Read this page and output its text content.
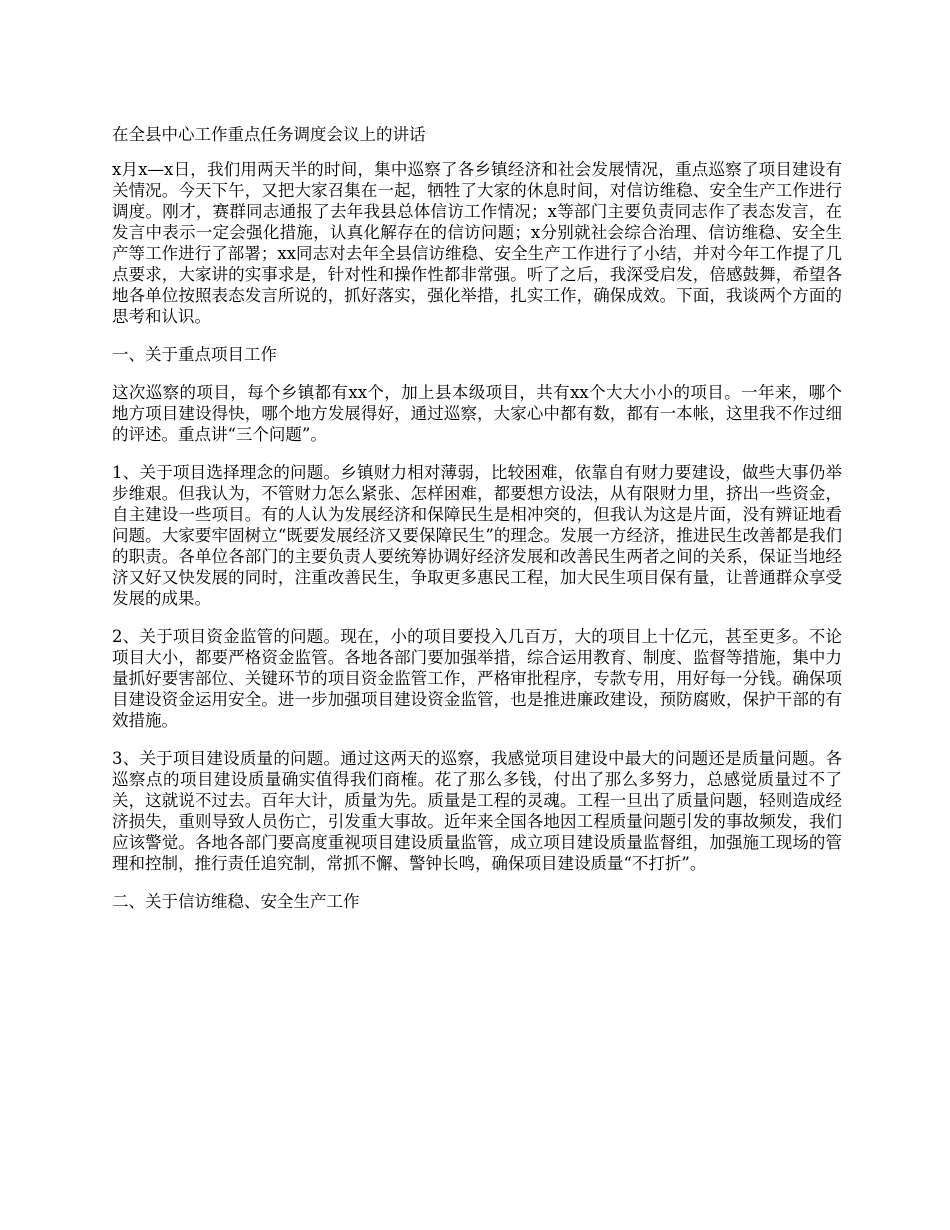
在全县中心工作重点任务调度会议上的讲话

x月x—x日，我们用两天半的时间，集中巡察了各乡镇经济和社会发展情况，重点巡察了项目建设有关情况。今天下午，又把大家召集在一起，牺牲了大家的休息时间，对信访维稳、安全生产工作进行调度。刚才，赛群同志通报了去年我县总体信访工作情况；x等部门主要负责同志作了表态发言，在发言中表示一定会强化措施，认真化解存在的信访问题；x分别就社会综合治理、信访维稳、安全生产等工作进行了部署；xx同志对去年全县信访维稳、安全生产工作进行了小结，并对今年工作提了几点要求，大家讲的实事求是，针对性和操作性都非常强。听了之后，我深受启发，倍感鼓舞，希望各地各单位按照表态发言所说的，抓好落实，强化举措，扎实工作，确保成效。下面，我谈两个方面的思考和认识。

一、关于重点项目工作

这次巡察的项目，每个乡镇都有xx个，加上县本级项目，共有xx个大大小小的项目。一年来，哪个地方项目建设得快，哪个地方发展得好，通过巡察，大家心中都有数，都有一本帐，这里我不作过细的评述。重点讲“三个问题”。

1、关于项目选择理念的问题。乡镇财力相对薄弱，比较困难，依靠自有财力要建设，做些大事仍举步维艰。但我认为，不管财力怎么紧张、怎样困难，都要想方设法，从有限财力里，挤出一些资金，自主建设一些项目。有的人认为发展经济和保障民生是相冲突的，但我认为这是片面，没有辨证地看问题。大家要牢固树立“既要发展经济又要保障民生”的理念。发展一方经济，推进民生改善都是我们的职责。各单位各部门的主要负责人要统筹协调好经济发展和改善民生两者之间的关系，保证当地经济又好又快发展的同时，注重改善民生，争取更多惠民工程，加大民生项目保有量，让普通群众享受发展的成果。

2、关于项目资金监管的问题。现在，小的项目要投入几百万，大的项目上十亿元，甚至更多。不论项目大小，都要严格资金监管。各地各部门要加强举措，综合运用教育、制度、监督等措施，集中力量抓好要害部位、关键环节的项目资金监管工作，严格审批程序，专款专用，用好每一分钱。确保项目建设资金运用安全。进一步加强项目建设资金监管，也是推进廉政建设，预防腐败，保护干部的有效措施。

3、关于项目建设质量的问题。通过这两天的巡察，我感觉项目建设中最大的问题还是质量问题。各巡察点的项目建设质量确实值得我们商榷。花了那么多钱，付出了那么多努力，总感觉质量过不了关，这就说不过去。百年大计，质量为先。质量是工程的灵魂。工程一旦出了质量问题，轻则造成经济损失，重则导致人员伤亡，引发重大事故。近年来全国各地因工程质量问题引发的事故频发，我们应该警觉。各地各部门要高度重视项目建设质量监管，成立项目建设质量监督组，加强施工现场的管理和控制，推行责任追究制，常抓不懈、警钟长鸣，确保项目建设质量“不打折”。

二、关于信访维稳、安全生产工作
